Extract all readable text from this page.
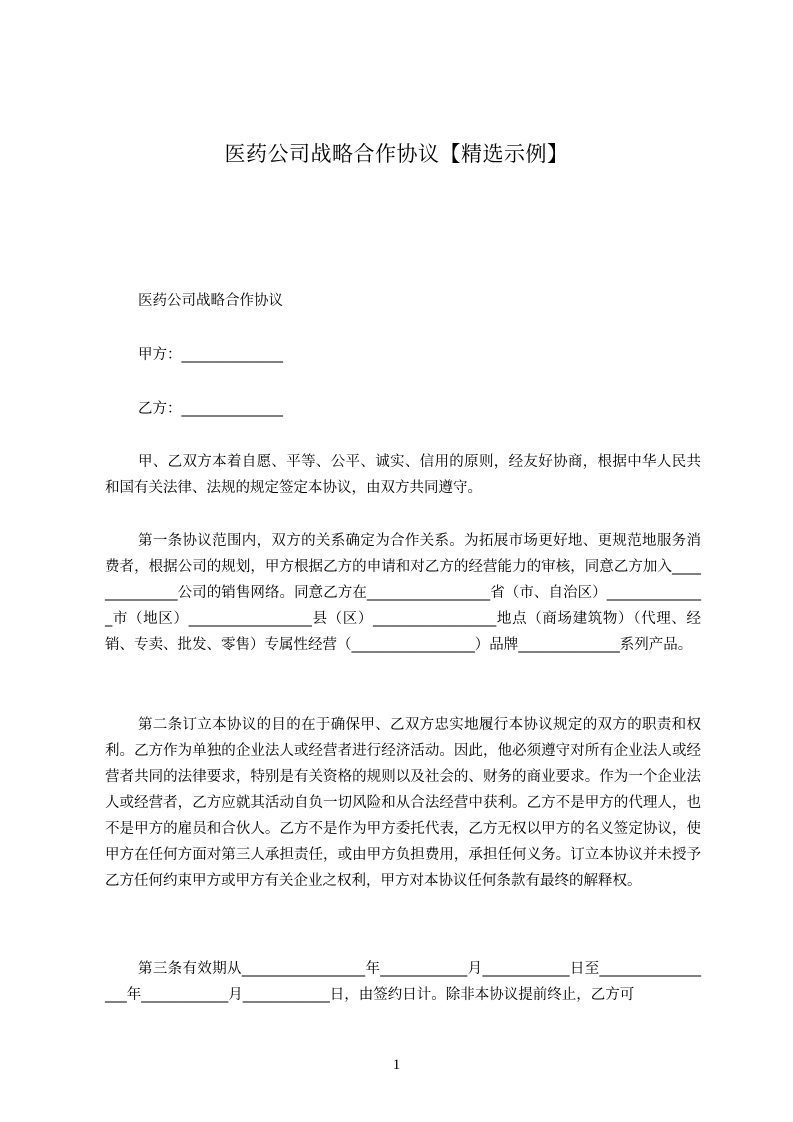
医药公司战略合作协议【精选示例】

医药公司战略合作协议

甲方：______________

乙方：______________

甲、乙双方本着自愿、平等、公平、诚实、信用的原则，经友好协商，根据中华人民共和国有关法律、法规的规定签定本协议，由双方共同遵守。

第一条协议范围内，双方的关系确定为合作关系。为拓展市场更好地、更规范地服务消费者，根据公司的规划，甲方根据乙方的申请和对乙方的经营能力的审核，同意乙方加入______________公司的销售网络。同意乙方在_________________省（市、自治区）______________市（地区）_________________县（区）_________________地点（商场建筑物）（代理、经销、专卖、批发、零售）专属性经营（_________________）品牌______________系列产品。

第二条订立本协议的目的在于确保甲、乙双方忠实地履行本协议规定的双方的职责和权利。乙方作为单独的企业法人或经营者进行经济活动。因此，他必须遵守对所有企业法人或经营者共同的法律要求，特别是有关资格的规则以及社会的、财务的商业要求。作为一个企业法人或经营者，乙方应就其活动自负一切风险和从合法经营中获利。乙方不是甲方的代理人，也不是甲方的雇员和合伙人。乙方不是作为甲方委托代表，乙方无权以甲方的名义签定协议，使甲方在任何方面对第三人承担责任，或由甲方负担费用，承担任何义务。订立本协议并未授予乙方任何约束甲方或甲方有关企业之权利，甲方对本协议任何条款有最终的解释权。

第三条有效期从_________________年____________月____________日至_________________年____________月____________日，由签约日计。除非本协议提前终止，乙方可

1
